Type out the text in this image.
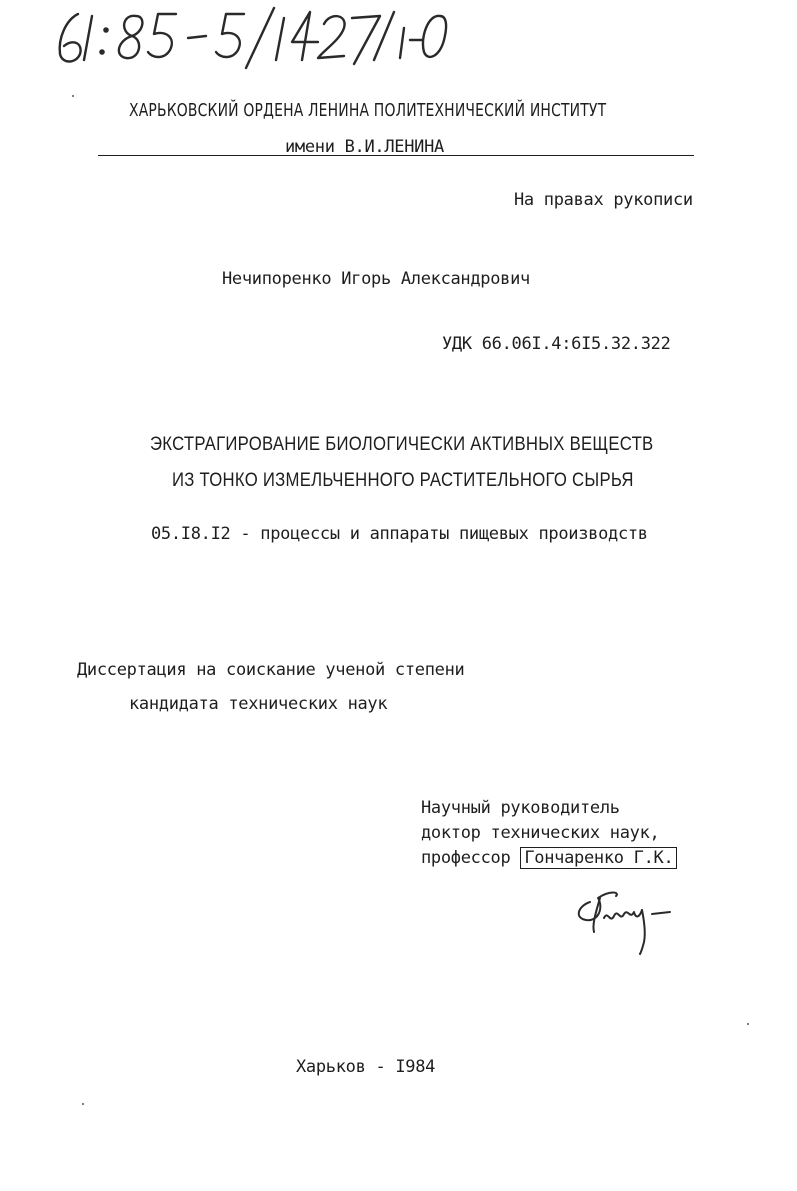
ХАРЬКОВСКИЙ ОРДЕНА ЛЕНИНА ПОЛИТЕХНИЧЕСКИЙ ИНСТИТУТ
имени В.И.ЛЕНИНА
На правах рукописи
Нечипоренко Игорь Александрович
УДК 66.06I.4:6I5.32.322
ЭКСТРАГИРОВАНИЕ БИОЛОГИЧЕСКИ АКТИВНЫХ ВЕЩЕСТВ
ИЗ ТОНКО ИЗМЕЛЬЧЕННОГО РАСТИТЕЛЬНОГО СЫРЬЯ
05.I8.I2 - процессы и аппараты пищевых производств
Диссертация на соискание ученой степени
кандидата технических наук
Научный руководитель
доктор технических наук,
профессор Гончаренко Г.К.
Харьков - I984
